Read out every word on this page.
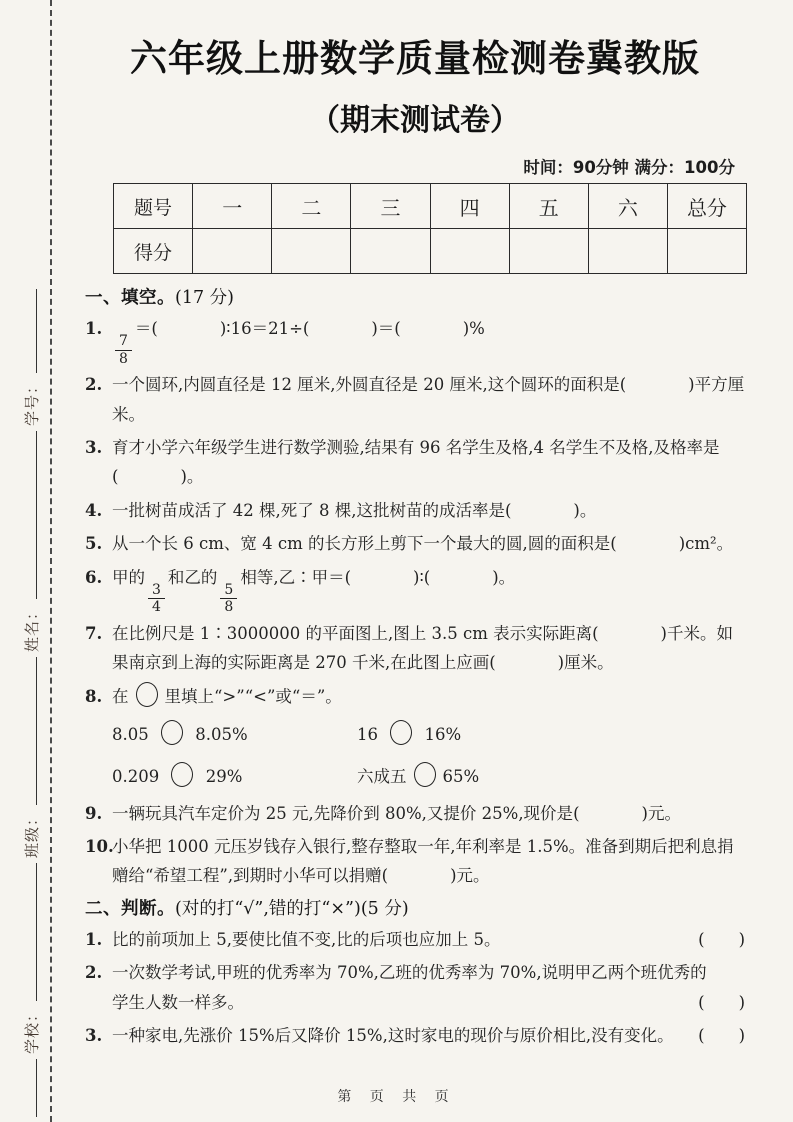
学校：
班级：
姓名：
学号：
六年级上册数学质量检测卷冀教版
（期末测试卷）
时间：90分钟 满分：100分
题号	一	二	三	四	五	六	总分
得分							
一、填空。(17 分)
1.
$\frac{7}{8}$
＝(	)∶16＝21÷(	)＝(	)%
2. 一个圆环,内圆直径是 12 厘米,外圆直径是 20 厘米,这个圆环的面积是(	)平方厘米。
3. 育才小学六年级学生进行数学测验,结果有 96 名学生及格,4 名学生不及格,及格率是(	)。
4. 一批树苗成活了 42 棵,死了 8 棵,这批树苗的成活率是(	)。
5. 从一个长 6 cm、宽 4 cm 的长方形上剪下一个最大的圆,圆的面积是(	)cm²。
6. 甲的
$\frac{3}{4}$
和乙的
$\frac{5}{8}$
相等,乙∶甲＝(	)∶(	)。
7. 在比例尺是 1∶3000000 的平面图上,图上 3.5 cm 表示实际距离(	)千米。如果南京到上海的实际距离是 270 千米,在此图上应画(	)厘米。
8. 在 里填上“>”“<”或“＝”。
8.05  8.05%	16  16%
0.209  29%	六成五 65%
9. 一辆玩具汽车定价为 25 元,先降价到 80%,又提价 25%,现价是(	)元。
10.
小华把 1000 元压岁钱存入银行,整存整取一年,年利率是 1.5%。准备到期后把利息捐赠给“希望工程”,到期时小华可以捐赠(	)元。
二、判断。(对的打“√”,错的打“×”)(5 分)
1. 比的前项加上 5,要使比值不变,比的后项也应加上 5。	( )
2. 一次数学考试,甲班的优秀率为 70%,乙班的优秀率为 70%,说明甲乙两个班优秀的
学生人数一样多。	( )
3. 一种家电,先涨价 15%后又降价 15%,这时家电的现价与原价相比,没有变化。	( )
第 页 共 页
